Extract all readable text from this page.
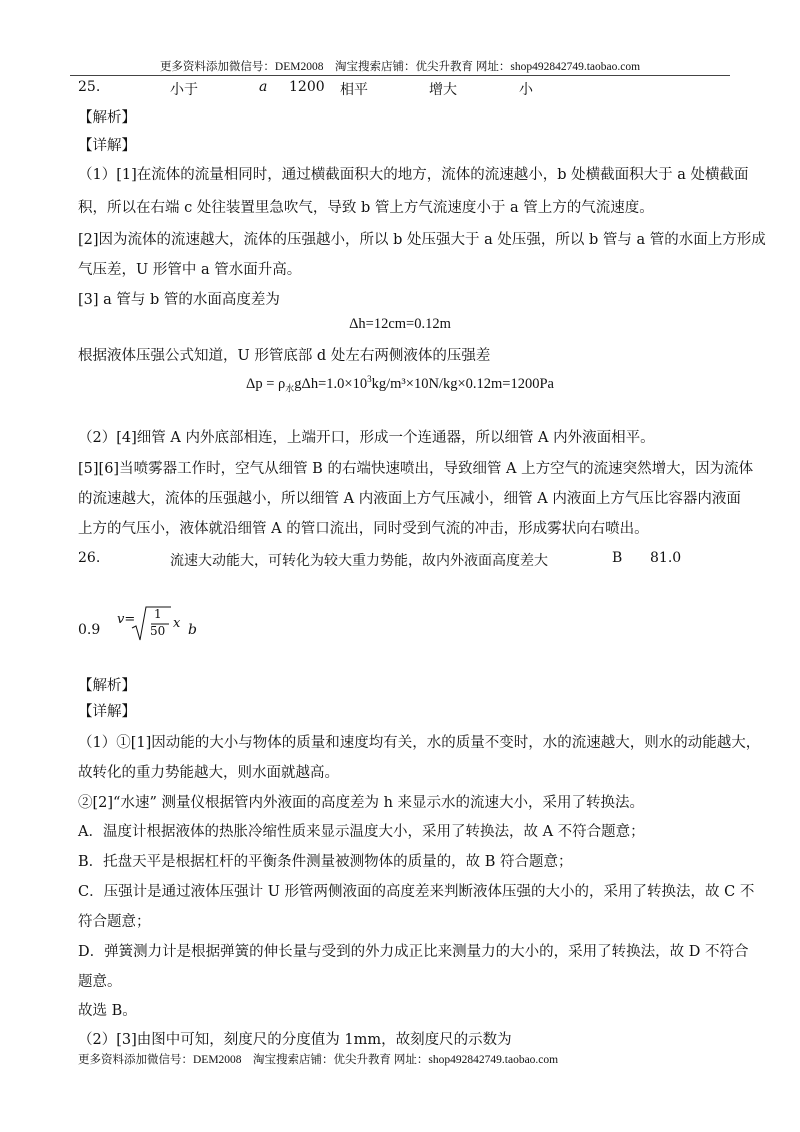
更多资料添加微信号：DEM2008　淘宝搜索店铺：优尖升教育 网址：shop492842749.taobao.com
25.	小于	a 1200 相平	增大	小
【解析】
【详解】
（1）[1]在流体的流量相同时，通过横截面积大的地方，流体的流速越小，b 处横截面积大于 a 处横截面
积，所以在右端 c 处往装置里急吹气，导致 b 管上方气流速度小于 a 管上方的气流速度。
[2]因为流体的流速越大，流体的压强越小，所以 b 处压强大于 a 处压强，所以 b 管与 a 管的水面上方形成
气压差，U 形管中 a 管水面升高。
[3] a 管与 b 管的水面高度差为
Δh=12cm=0.12m
根据液体压强公式知道，U 形管底部 d 处左右两侧液体的压强差
$\Delta p = \rho_水g\Delta h=1.0\times 10^3kg/m^3\times 10N/kg\times 0.12m=1200Pa$
（2）[4]细管 A 内外底部相连，上端开口，形成一个连通器，所以细管 A 内外液面相平。
[5][6]当喷雾器工作时，空气从细管 B 的右端快速喷出，导致细管 A 上方空气的流速突然增大，因为流体
的流速越大，流体的压强越小，所以细管 A 内液面上方气压减小，细管 A 内液面上方气压比容器内液面
上方的气压小，液体就沿细管 A 的管口流出，同时受到气流的冲击，形成雾状向右喷出。
26.	流速大动能大，可转化为较大重力势能，故内外液面高度差大	B 81.0
0.9
v= 1
50 x b
【解析】
【详解】
（1）①[1]因动能的大小与物体的质量和速度均有关，水的质量不变时，水的流速越大，则水的动能越大，
故转化的重力势能越大，则水面就越高。
②[2]“水速” 测量仪根据管内外液面的高度差为 h 来显示水的流速大小，采用了转换法。
A．温度计根据液体的热胀冷缩性质来显示温度大小，采用了转换法，故 A 不符合题意；
B．托盘天平是根据杠杆的平衡条件测量被测物体的质量的，故 B 符合题意；
C．压强计是通过液体压强计 U 形管两侧液面的高度差来判断液体压强的大小的，采用了转换法，故 C 不
符合题意；
D．弹簧测力计是根据弹簧的伸长量与受到的外力成正比来测量力的大小的，采用了转换法，故 D 不符合
题意。
故选 B。
（2）[3]由图中可知，刻度尺的分度值为 1mm，故刻度尺的示数为
更多资料添加微信号：DEM2008　淘宝搜索店铺：优尖升教育 网址：shop492842749.taobao.com
